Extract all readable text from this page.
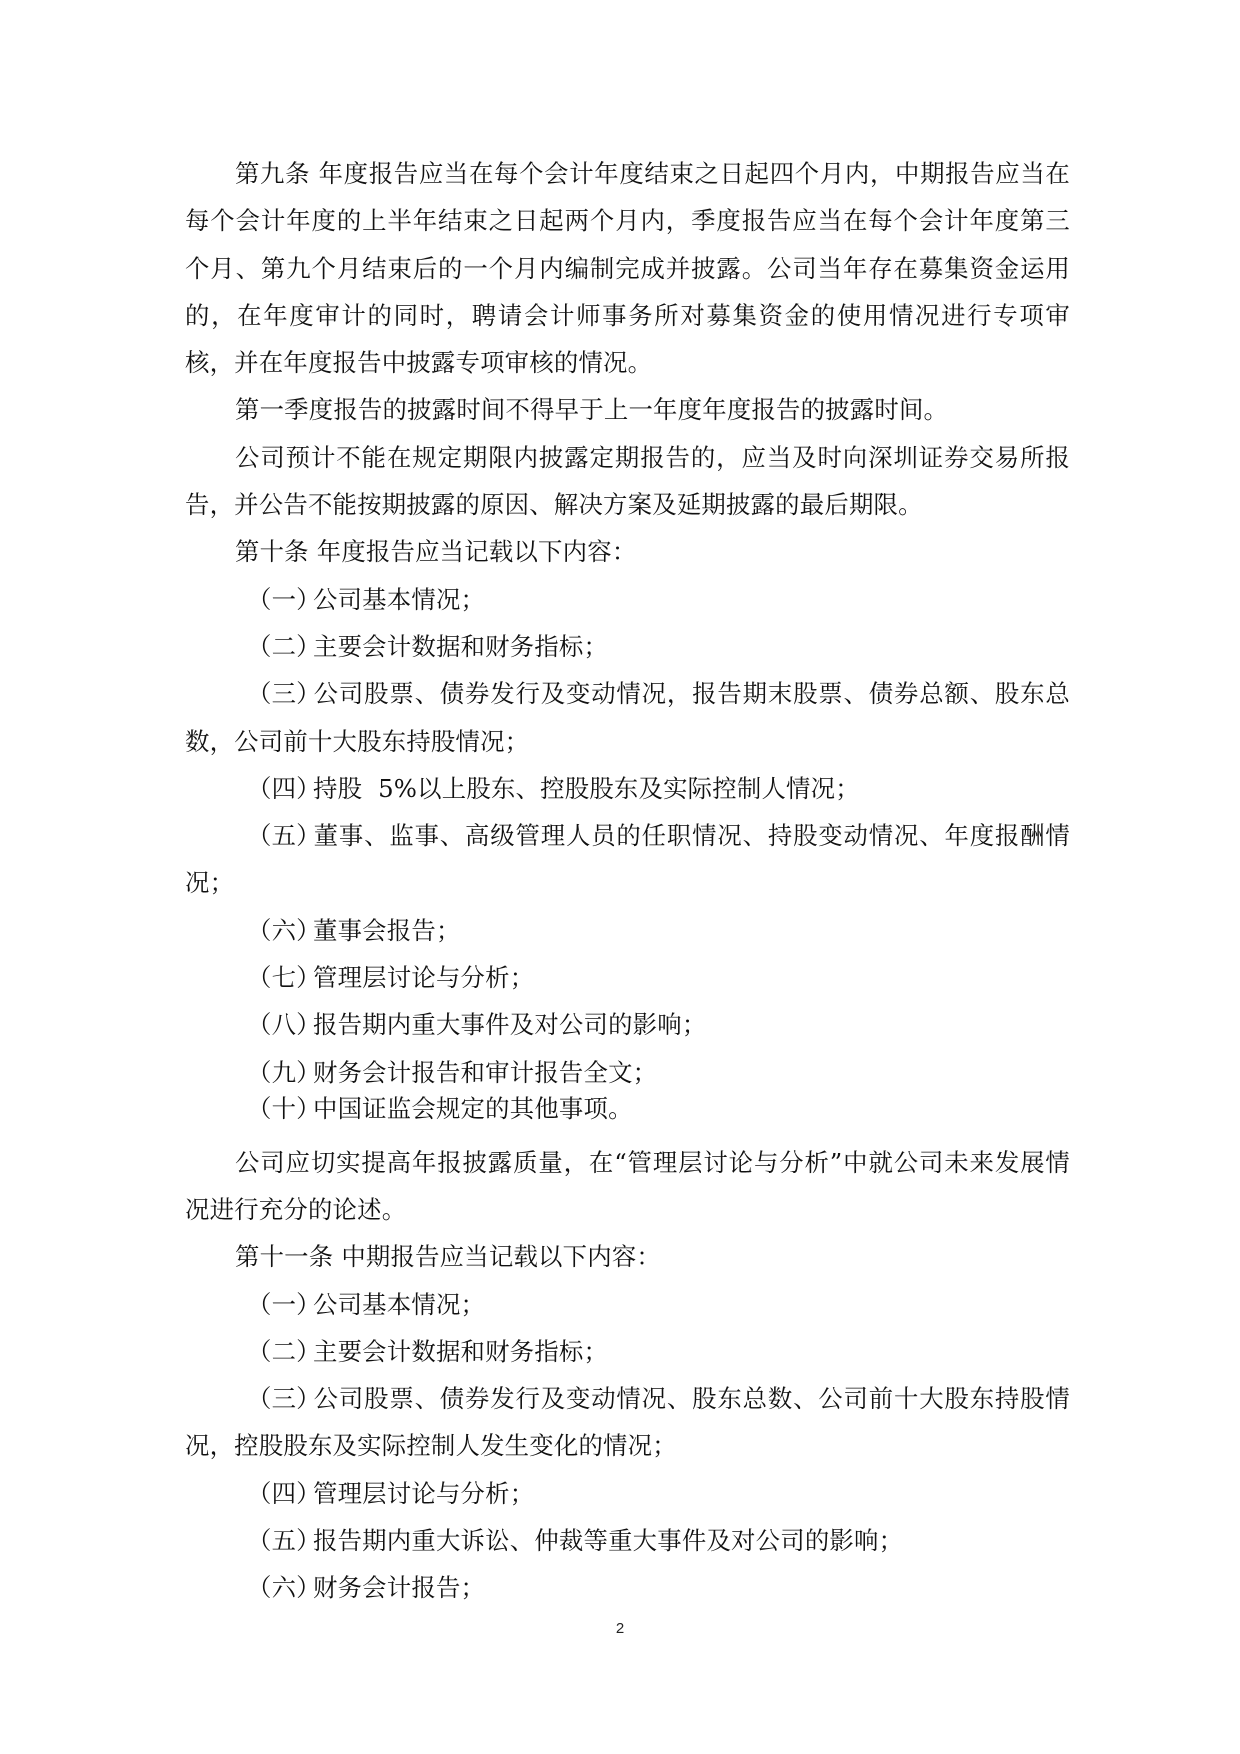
第九条 年度报告应当在每个会计年度结束之日起四个月内，中期报告应当在每个会计年度的上半年结束之日起两个月内，季度报告应当在每个会计年度第三个月、第九个月结束后的一个月内编制完成并披露。公司当年存在募集资金运用的，在年度审计的同时，聘请会计师事务所对募集资金的使用情况进行专项审核，并在年度报告中披露专项审核的情况。

第一季度报告的披露时间不得早于上一年度年度报告的披露时间。

公司预计不能在规定期限内披露定期报告的，应当及时向深圳证券交易所报告，并公告不能按期披露的原因、解决方案及延期披露的最后期限。

第十条 年度报告应当记载以下内容：

（一）公司基本情况；

（二）主要会计数据和财务指标；

（三）公司股票、债券发行及变动情况，报告期末股票、债券总额、股东总数，公司前十大股东持股情况；

（四）持股  5%以上股东、控股股东及实际控制人情况；

（五）董事、监事、高级管理人员的任职情况、持股变动情况、年度报酬情况；

（六）董事会报告；

（七）管理层讨论与分析；

（八）报告期内重大事件及对公司的影响；

（九）财务会计报告和审计报告全文；

（十）中国证监会规定的其他事项。

公司应切实提高年报披露质量，在“管理层讨论与分析”中就公司未来发展情况进行充分的论述。

第十一条 中期报告应当记载以下内容：

（一）公司基本情况；

（二）主要会计数据和财务指标；

（三）公司股票、债券发行及变动情况、股东总数、公司前十大股东持股情况，控股股东及实际控制人发生变化的情况；

（四）管理层讨论与分析；

（五）报告期内重大诉讼、仲裁等重大事件及对公司的影响；

（六）财务会计报告；

2
